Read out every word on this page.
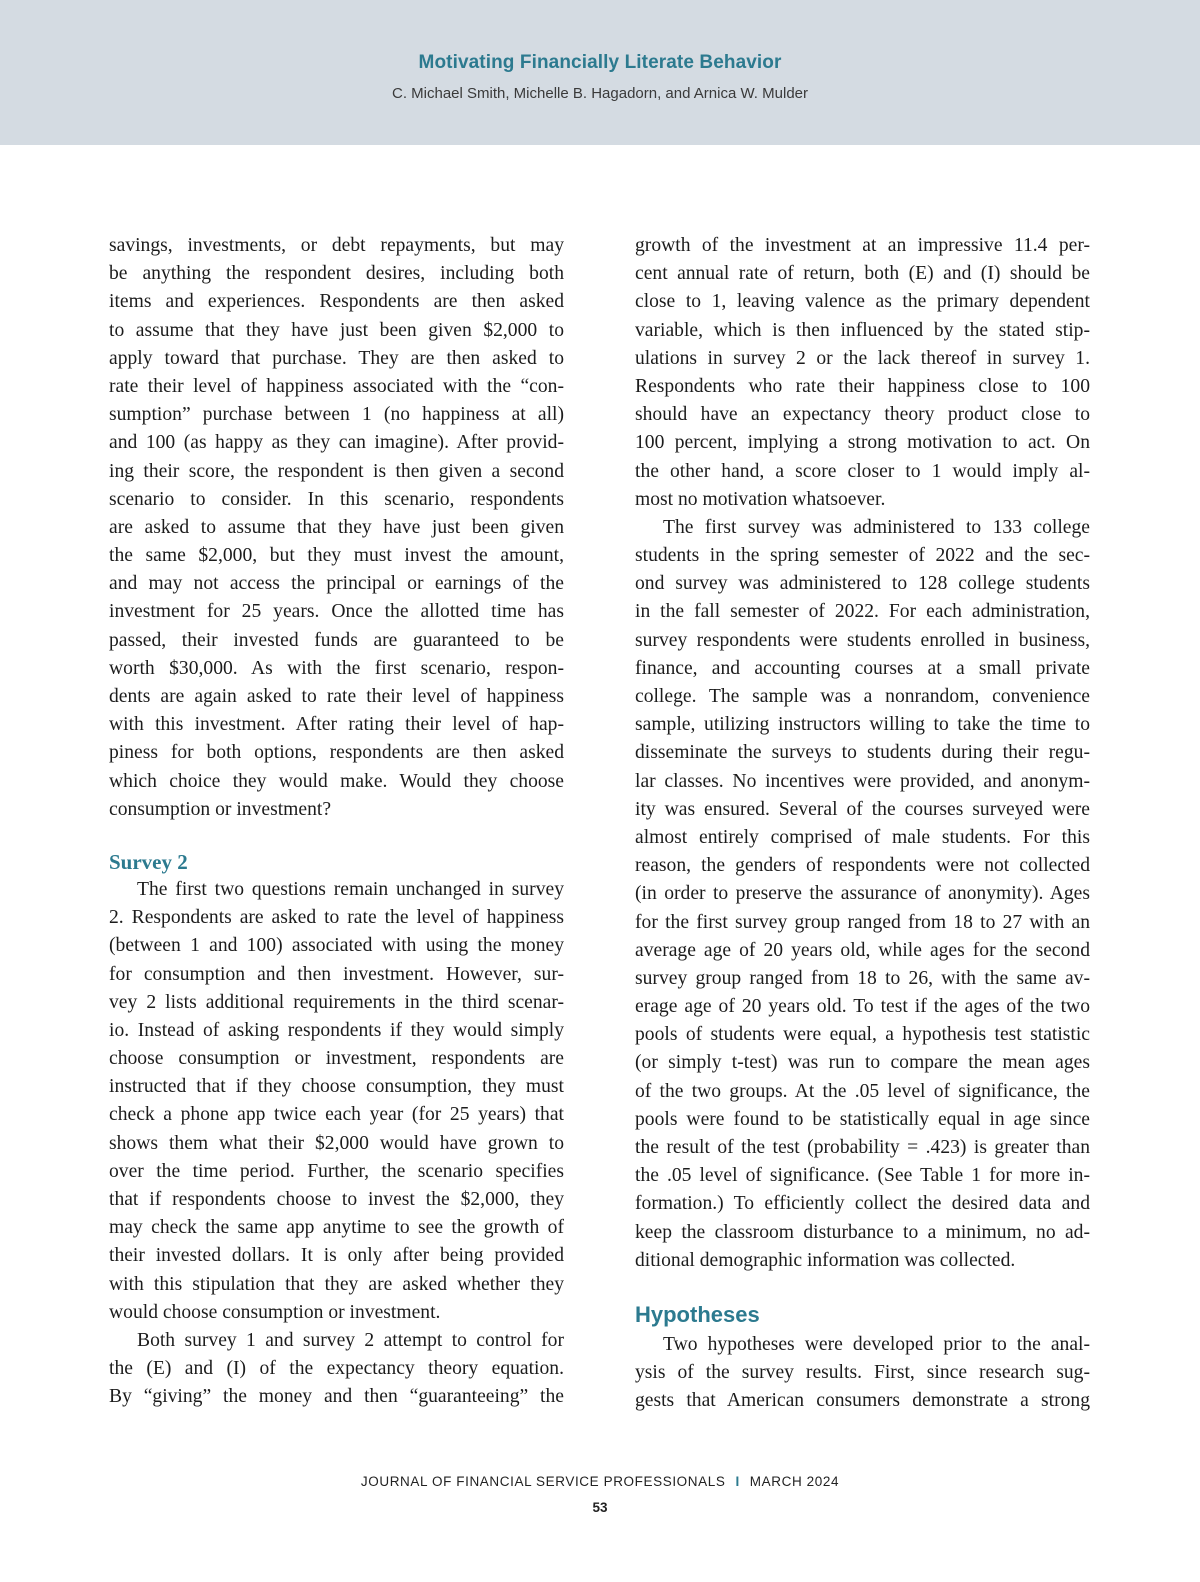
Motivating Financially Literate Behavior
C. Michael Smith, Michelle B. Hagadorn, and Arnica W. Mulder
savings, investments, or debt repayments, but may
be anything the respondent desires, including both
items and experiences. Respondents are then asked
to assume that they have just been given $2,000 to
apply toward that purchase. They are then asked to
rate their level of happiness associated with the “con-
sumption” purchase between 1 (no happiness at all)
and 100 (as happy as they can imagine). After provid-
ing their score, the respondent is then given a second
scenario to consider. In this scenario, respondents
are asked to assume that they have just been given
the same $2,000, but they must invest the amount,
and may not access the principal or earnings of the
investment for 25 years. Once the allotted time has
passed, their invested funds are guaranteed to be
worth $30,000. As with the first scenario, respon-
dents are again asked to rate their level of happiness
with this investment. After rating their level of hap-
piness for both options, respondents are then asked
which choice they would make. Would they choose
consumption or investment?
Survey 2
The first two questions remain unchanged in survey
2. Respondents are asked to rate the level of happiness
(between 1 and 100) associated with using the money
for consumption and then investment. However, sur-
vey 2 lists additional requirements in the third scenar-
io. Instead of asking respondents if they would simply
choose consumption or investment, respondents are
instructed that if they choose consumption, they must
check a phone app twice each year (for 25 years) that
shows them what their $2,000 would have grown to
over the time period. Further, the scenario specifies
that if respondents choose to invest the $2,000, they
may check the same app anytime to see the growth of
their invested dollars. It is only after being provided
with this stipulation that they are asked whether they
would choose consumption or investment.
Both survey 1 and survey 2 attempt to control for
the (E) and (I) of the expectancy theory equation.
By “giving” the money and then “guaranteeing” the
growth of the investment at an impressive 11.4 per-
cent annual rate of return, both (E) and (I) should be
close to 1, leaving valence as the primary dependent
variable, which is then influenced by the stated stip-
ulations in survey 2 or the lack thereof in survey 1.
Respondents who rate their happiness close to 100
should have an expectancy theory product close to
100 percent, implying a strong motivation to act. On
the other hand, a score closer to 1 would imply al-
most no motivation whatsoever.
The first survey was administered to 133 college
students in the spring semester of 2022 and the sec-
ond survey was administered to 128 college students
in the fall semester of 2022. For each administration,
survey respondents were students enrolled in business,
finance, and accounting courses at a small private
college. The sample was a nonrandom, convenience
sample, utilizing instructors willing to take the time to
disseminate the surveys to students during their regu-
lar classes. No incentives were provided, and anonym-
ity was ensured. Several of the courses surveyed were
almost entirely comprised of male students. For this
reason, the genders of respondents were not collected
(in order to preserve the assurance of anonymity). Ages
for the first survey group ranged from 18 to 27 with an
average age of 20 years old, while ages for the second
survey group ranged from 18 to 26, with the same av-
erage age of 20 years old. To test if the ages of the two
pools of students were equal, a hypothesis test statistic
(or simply t-test) was run to compare the mean ages
of the two groups. At the .05 level of significance, the
pools were found to be statistically equal in age since
the result of the test (probability = .423) is greater than
the .05 level of significance. (See Table 1 for more in-
formation.) To efficiently collect the desired data and
keep the classroom disturbance to a minimum, no ad-
ditional demographic information was collected.
Hypotheses
Two hypotheses were developed prior to the anal-
ysis of the survey results. First, since research sug-
gests that American consumers demonstrate a strong
JOURNAL OF FINANCIAL SERVICE PROFESSIONALS I MARCH 2024
53
